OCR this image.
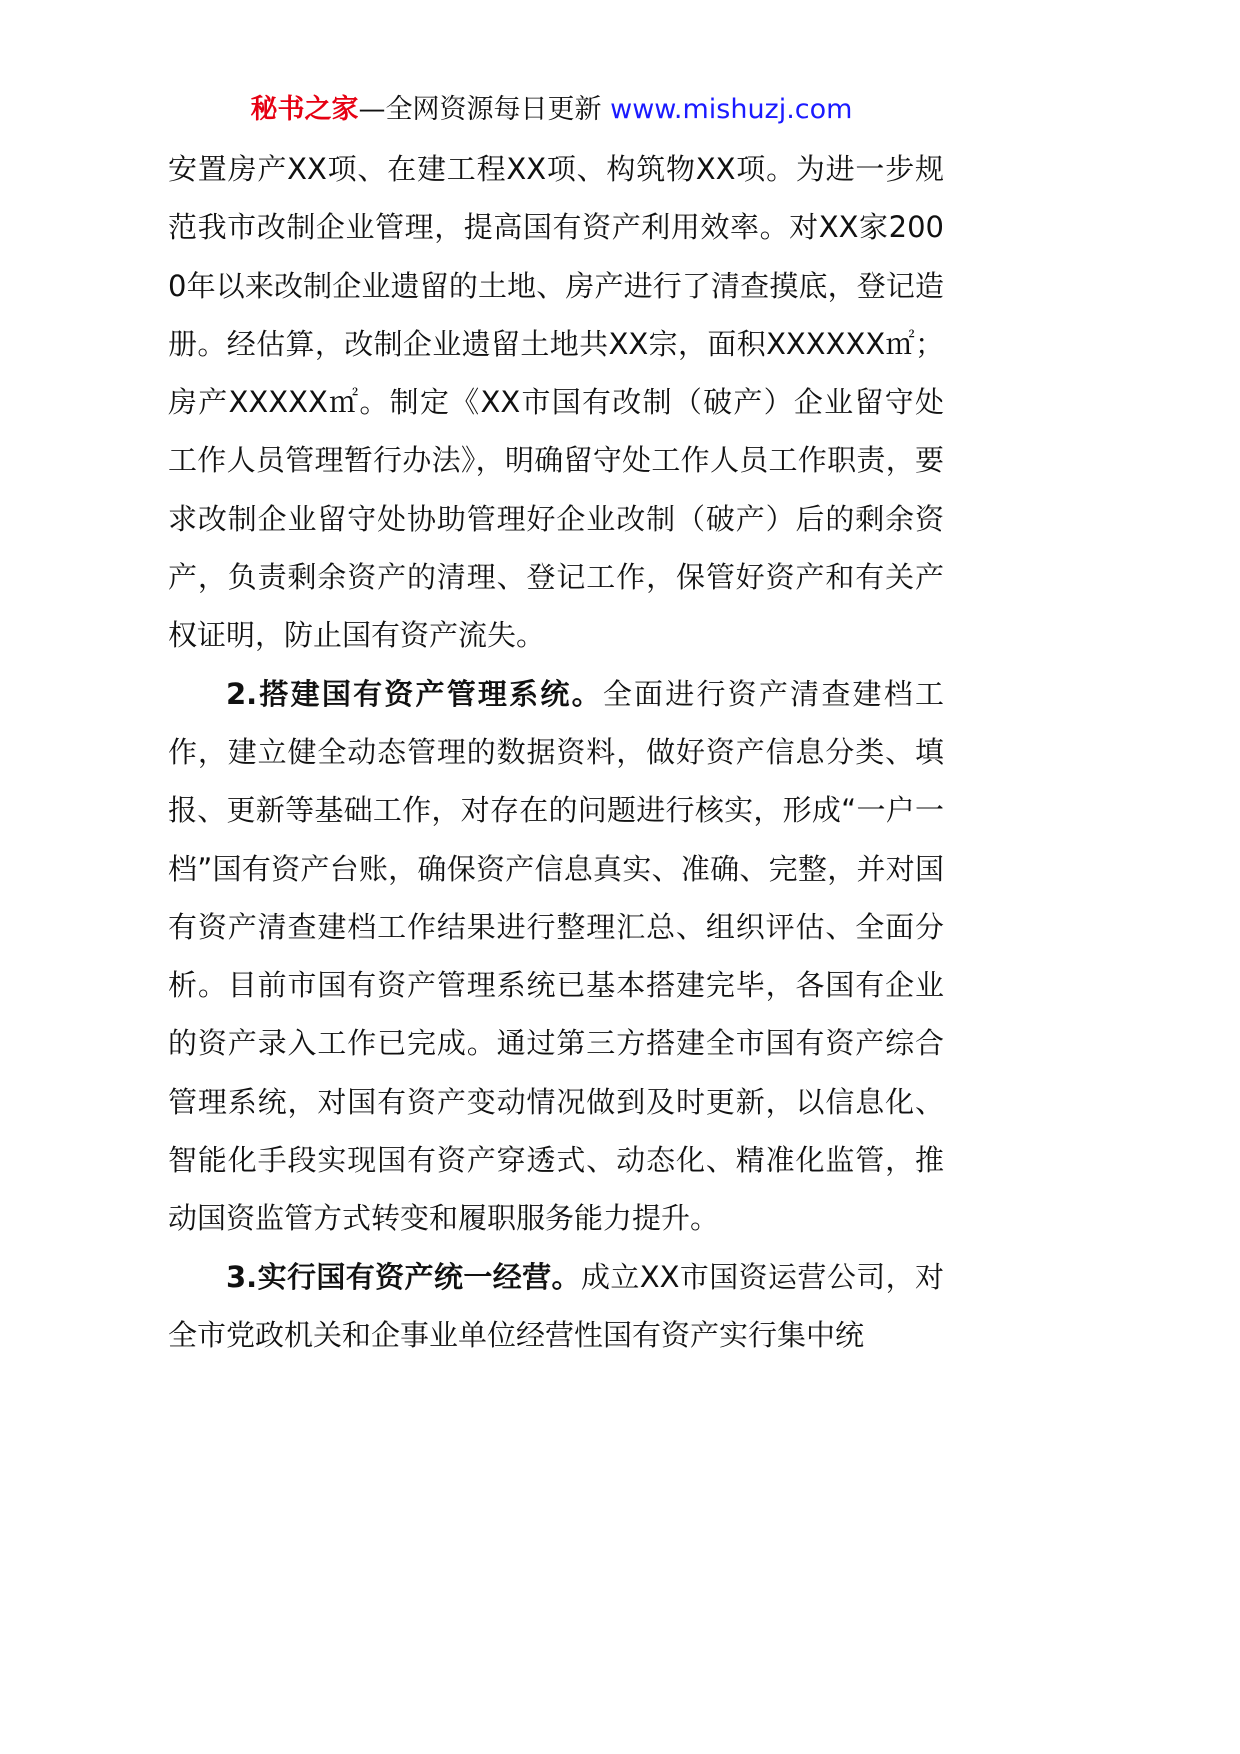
秘书之家—全网资源每日更新 www.mishuzj.com

安置房产XX项、在建工程XX项、构筑物XX项。为进一步规范我市改制企业管理，提高国有资产利用效率。对XX家2000年以来改制企业遗留的土地、房产进行了清查摸底，登记造册。经估算，改制企业遗留土地共XX宗，面积XXXXXX㎡；房产XXXXX㎡。制定《XX市国有改制（破产）企业留守处工作人员管理暂行办法》，明确留守处工作人员工作职责，要求改制企业留守处协助管理好企业改制（破产）后的剩余资产，负责剩余资产的清理、登记工作，保管好资产和有关产权证明，防止国有资产流失。

2.搭建国有资产管理系统。全面进行资产清查建档工作，建立健全动态管理的数据资料，做好资产信息分类、填报、更新等基础工作，对存在的问题进行核实，形成“一户一档”国有资产台账，确保资产信息真实、准确、完整，并对国有资产清查建档工作结果进行整理汇总、组织评估、全面分析。目前市国有资产管理系统已基本搭建完毕，各国有企业的资产录入工作已完成。通过第三方搭建全市国有资产综合管理系统，对国有资产变动情况做到及时更新，以信息化、智能化手段实现国有资产穿透式、动态化、精准化监管，推动国资监管方式转变和履职服务能力提升。

3.实行国有资产统一经营。成立XX市国资运营公司，对全市党政机关和企事业单位经营性国有资产实行集中统
